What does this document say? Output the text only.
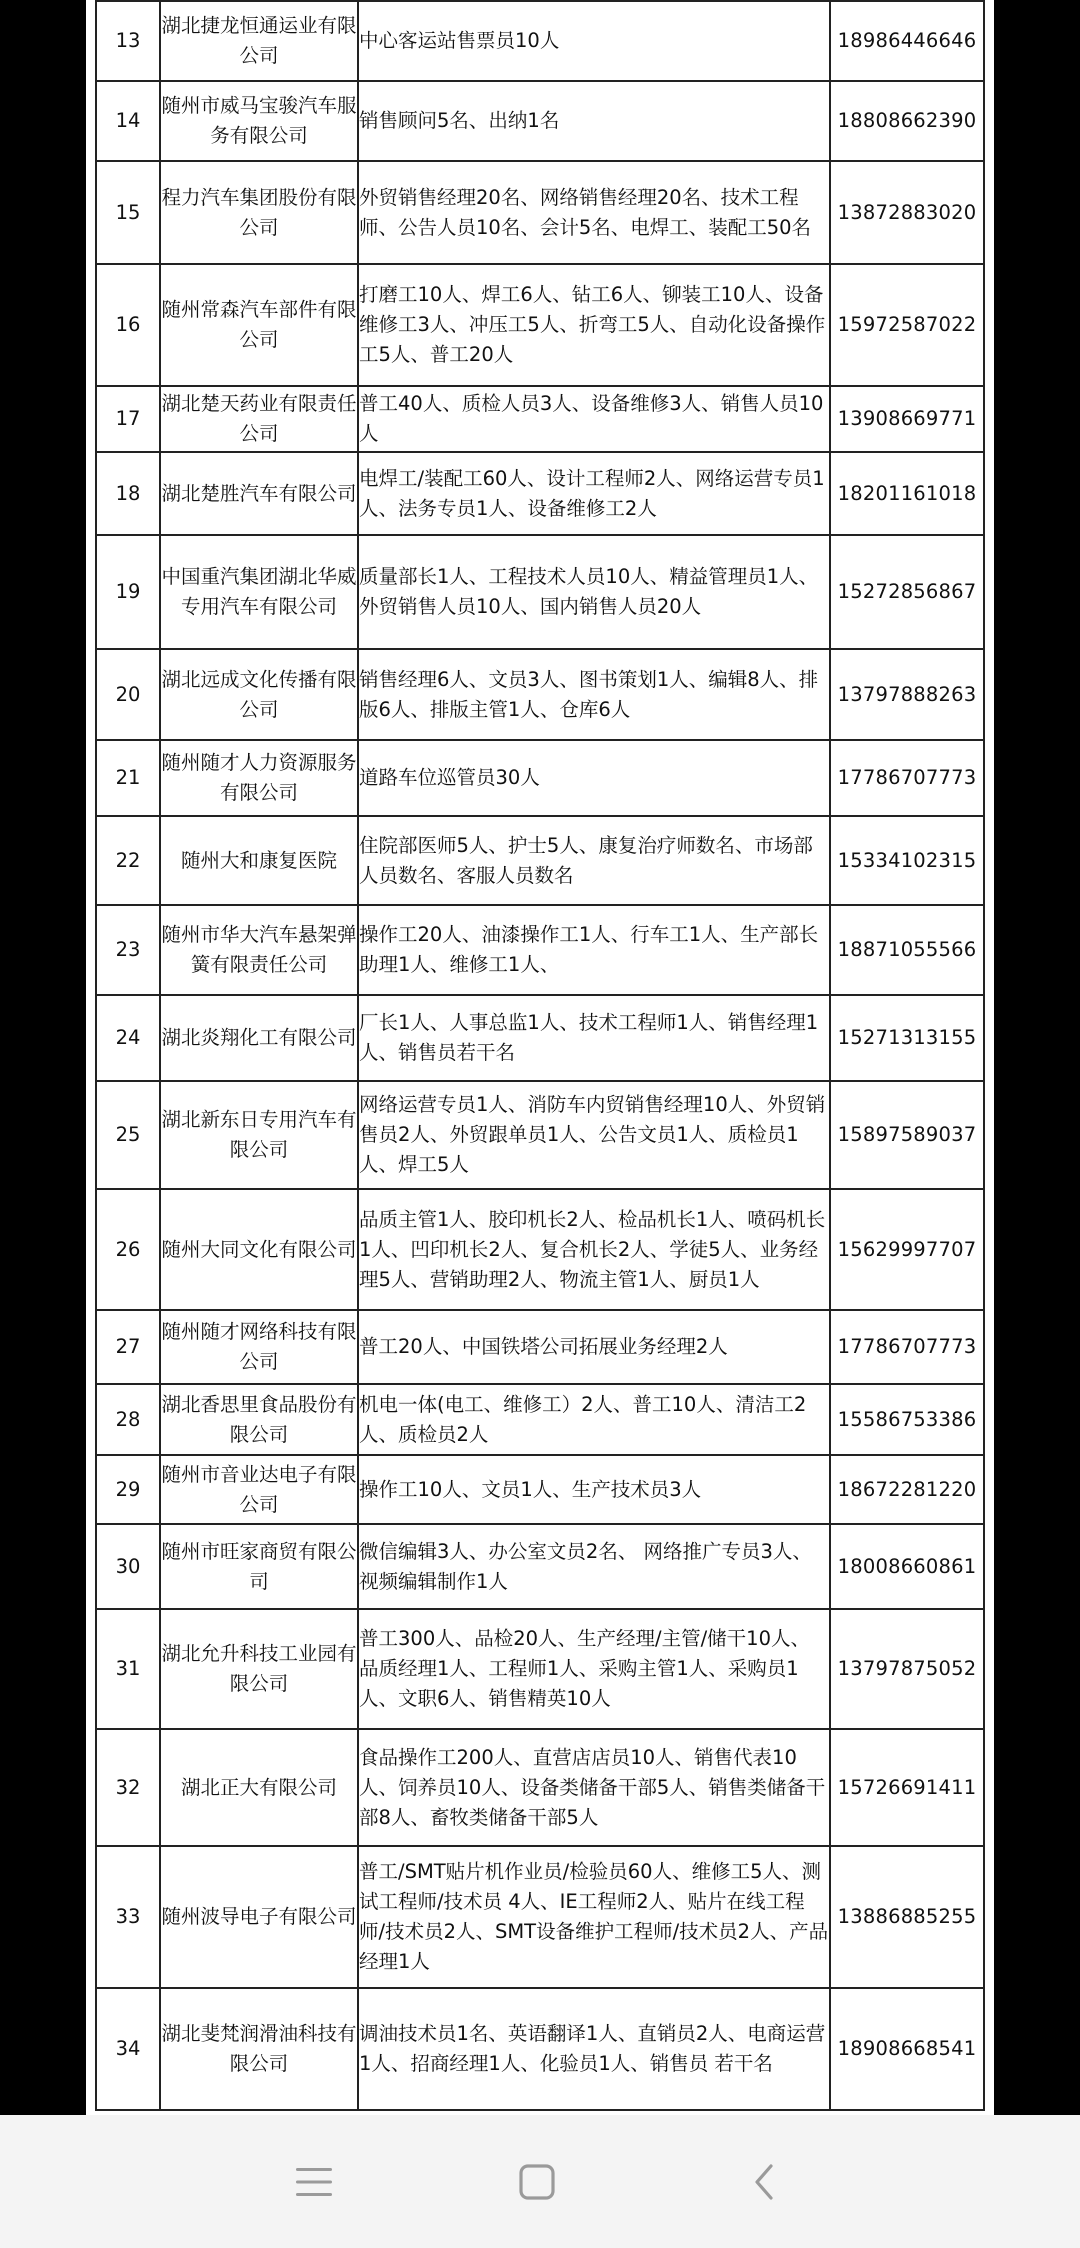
13	湖北捷龙恒通运业有限公司	中心客运站售票员10人	18986446646
14	随州市威马宝骏汽车服务有限公司	销售顾问5名、出纳1名	18808662390
15	程力汽车集团股份有限公司	外贸销售经理20名、网络销售经理20名、技术工程师、公告人员10名、会计5名、电焊工、装配工50名	13872883020
16	随州常森汽车部件有限公司	打磨工10人、焊工6人、钻工6人、铆装工10人、设备维修工3人、冲压工5人、折弯工5人、自动化设备操作工5人、普工20人	15972587022
17	湖北楚天药业有限责任公司	普工40人、质检人员3人、设备维修3人、销售人员10人	13908669771
18	湖北楚胜汽车有限公司	电焊工/装配工60人、设计工程师2人、网络运营专员1人、法务专员1人、设备维修工2人	18201161018
19	中国重汽集团湖北华威专用汽车有限公司	质量部长1人、工程技术人员10人、精益管理员1人、外贸销售人员10人、国内销售人员20人	15272856867
20	湖北远成文化传播有限公司	销售经理6人、文员3人、图书策划1人、编辑8人、排版6人、排版主管1人、仓库6人	13797888263
21	随州随才人力资源服务有限公司	道路车位巡管员30人	17786707773
22	随州大和康复医院	住院部医师5人、护士5人、康复治疗师数名、市场部人员数名、客服人员数名	15334102315
23	随州市华大汽车悬架弹簧有限责任公司	操作工20人、油漆操作工1人、行车工1人、生产部长助理1人、维修工1人、	18871055566
24	湖北炎翔化工有限公司	厂长1人、人事总监1人、技术工程师1人、销售经理1人、销售员若干名	15271313155
25	湖北新东日专用汽车有限公司	网络运营专员1人、消防车内贸销售经理10人、外贸销售员2人、外贸跟单员1人、公告文员1人、质检员1人、焊工5人	15897589037
26	随州大同文化有限公司	品质主管1人、胶印机长2人、检品机长1人、喷码机长1人、凹印机长2人、复合机长2人、学徒5人、业务经理5人、营销助理2人、物流主管1人、厨员1人	15629997707
27	随州随才网络科技有限公司	普工20人、中国铁塔公司拓展业务经理2人	17786707773
28	湖北香思里食品股份有限公司	机电一体(电工、维修工）2人、普工10人、清洁工2人、质检员2人	15586753386
29	随州市音业达电子有限公司	操作工10人、文员1人、生产技术员3人	18672281220
30	随州市旺家商贸有限公司	微信编辑3人、办公室文员2名、 网络推广专员3人、视频编辑制作1人	18008660861
31	湖北允升科技工业园有限公司	普工300人、品检20人、生产经理/主管/储干10人、品质经理1人、工程师1人、采购主管1人、采购员1人、文职6人、销售精英10人	13797875052
32	湖北正大有限公司	食品操作工200人、直营店店员10人、销售代表10人、饲养员10人、设备类储备干部5人、销售类储备干部8人、畜牧类储备干部5人	15726691411
33	随州波导电子有限公司	普工/SMT贴片机作业员/检验员60人、维修工5人、测试工程师/技术员 4人、IE工程师2人、贴片在线工程师/技术员2人、SMT设备维护工程师/技术员2人、产品经理1人	13886885255
34	湖北斐梵润滑油科技有限公司	调油技术员1名、英语翻译1人、直销员2人、电商运营1人、招商经理1人、化验员1人、销售员 若干名	18908668541
